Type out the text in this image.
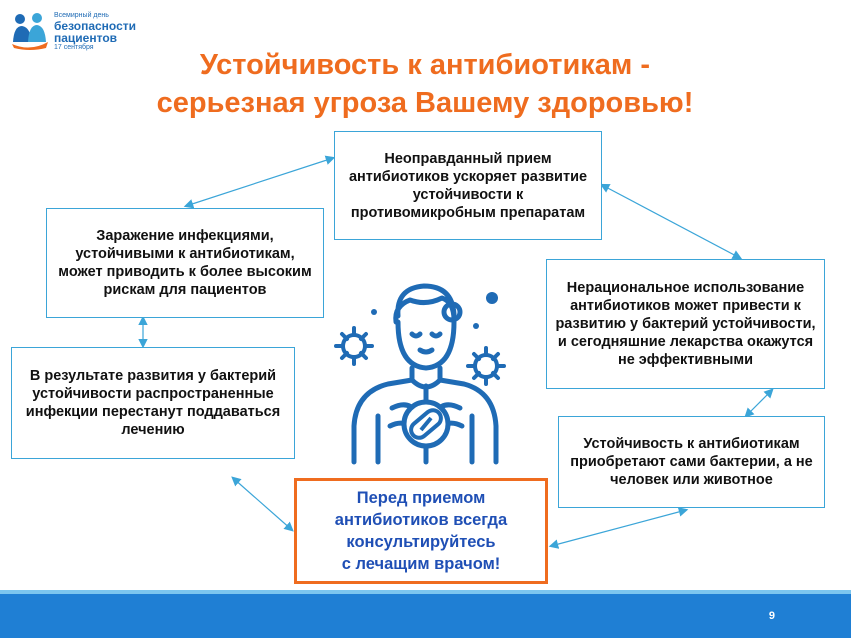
Всемирный день
безопасности
пациентов
17 сентября
Устойчивость к антибиотикам -
серьезная угроза Вашему здоровью!
Неоправданный прием антибиотиков ускоряет развитие устойчивости к противомикробным препаратам
Заражение инфекциями, устойчивыми к антибиотикам, может приводить к более высоким рискам для пациентов
В результате развития у бактерий устойчивости распространенные инфекции перестанут поддаваться лечению
Нерациональное использование антибиотиков может привести к развитию у бактерий устойчивости, и сегодняшние лекарства окажутся не эффективными
Устойчивость к антибиотикам приобретают сами бактерии, а не человек или животное
Перед приемом
антибиотиков всегда
консультируйтесь
с лечащим врачом!
9
